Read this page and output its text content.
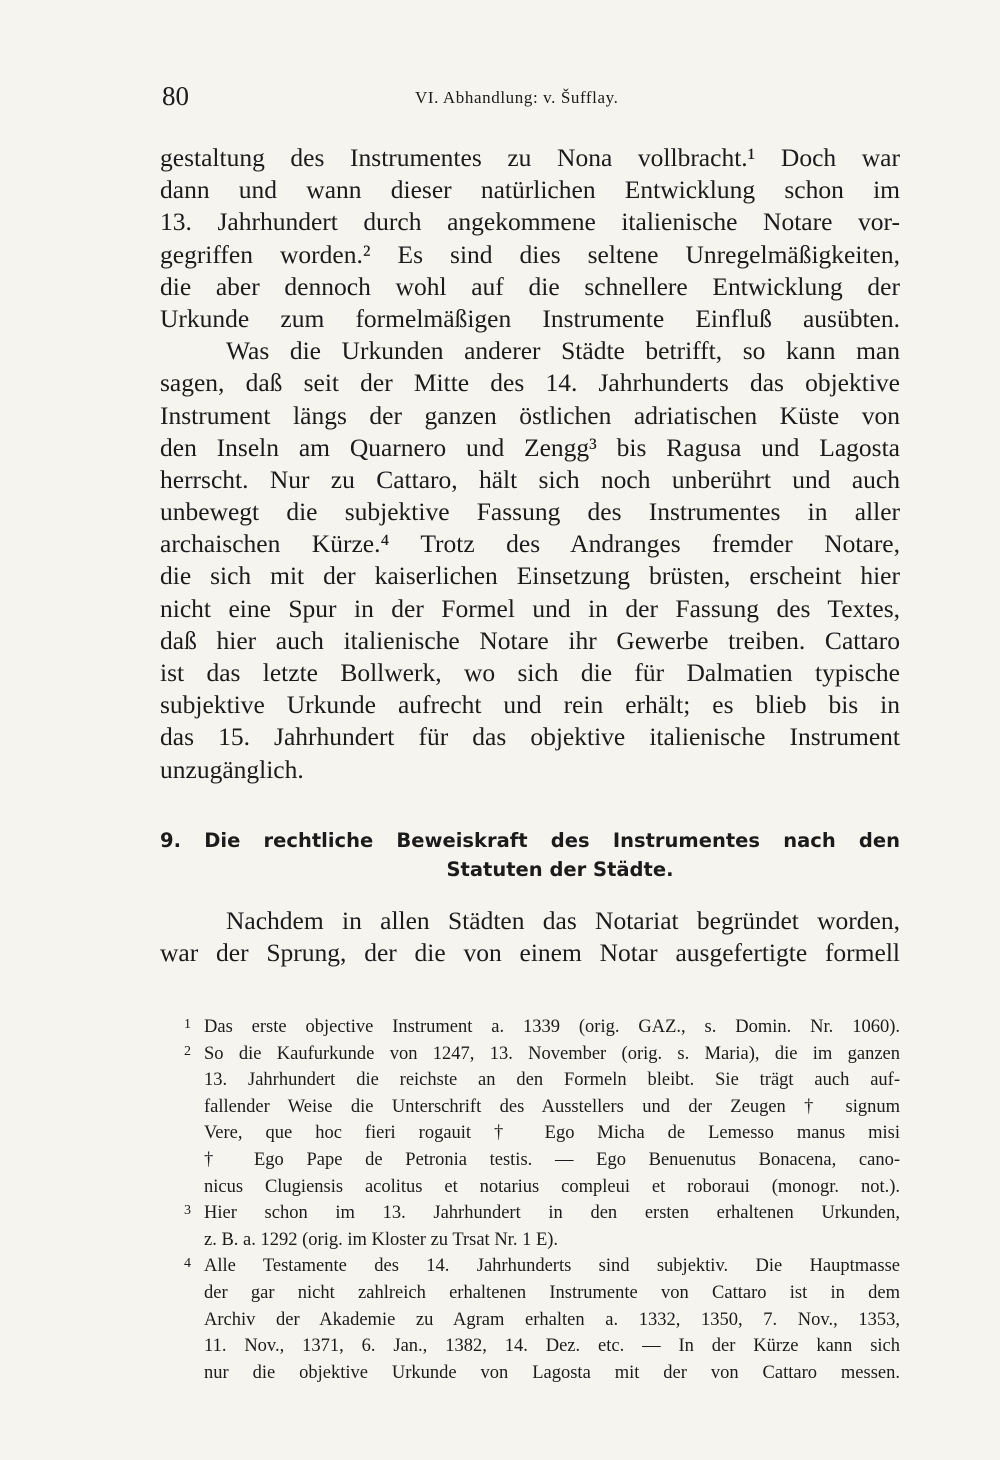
80	VI. Abhandlung: v. Šufflay.
gestaltung des Instrumentes zu Nona vollbracht.¹ Doch war
dann und wann dieser natürlichen Entwicklung schon im
13. Jahrhundert durch angekommene italienische Notare vor-
gegriffen worden.² Es sind dies seltene Unregelmäßigkeiten,
die aber dennoch wohl auf die schnellere Entwicklung der
Urkunde zum formelmäßigen Instrumente Einfluß ausübten.
Was die Urkunden anderer Städte betrifft, so kann man
sagen, daß seit der Mitte des 14. Jahrhunderts das objektive
Instrument längs der ganzen östlichen adriatischen Küste von
den Inseln am Quarnero und Zengg³ bis Ragusa und Lagosta
herrscht. Nur zu Cattaro, hält sich noch unberührt und auch
unbewegt die subjektive Fassung des Instrumentes in aller
archaischen Kürze.⁴ Trotz des Andranges fremder Notare,
die sich mit der kaiserlichen Einsetzung brüsten, erscheint hier
nicht eine Spur in der Formel und in der Fassung des Textes,
daß hier auch italienische Notare ihr Gewerbe treiben. Cattaro
ist das letzte Bollwerk, wo sich die für Dalmatien typische
subjektive Urkunde aufrecht und rein erhält; es blieb bis in
das 15. Jahrhundert für das objektive italienische Instrument
unzugänglich.
9. Die rechtliche Beweiskraft des Instrumentes nach den
Statuten der Städte.
Nachdem in allen Städten das Notariat begründet worden,
war der Sprung, der die von einem Notar ausgefertigte formell
1 Das erste objective Instrument a. 1339 (orig. GAZ., s. Domin. Nr. 1060).
2 So die Kaufurkunde von 1247, 13. November (orig. s. Maria), die im ganzen
13. Jahrhundert die reichste an den Formeln bleibt. Sie trägt auch auf-
fallender Weise die Unterschrift des Ausstellers und der Zeugen † signum
Vere, que hoc fieri rogauit † Ego Micha de Lemesso manus misi
† Ego Pape de Petronia testis. — Ego Benuenutus Bonacena, cano-
nicus Clugiensis acolitus et notarius compleui et roboraui (monogr. not.).
3 Hier schon im 13. Jahrhundert in den ersten erhaltenen Urkunden,
z. B. a. 1292 (orig. im Kloster zu Trsat Nr. 1 E).
4 Alle Testamente des 14. Jahrhunderts sind subjektiv. Die Hauptmasse
der gar nicht zahlreich erhaltenen Instrumente von Cattaro ist in dem
Archiv der Akademie zu Agram erhalten a. 1332, 1350, 7. Nov., 1353,
11. Nov., 1371, 6. Jan., 1382, 14. Dez. etc. — In der Kürze kann sich
nur die objektive Urkunde von Lagosta mit der von Cattaro messen.
